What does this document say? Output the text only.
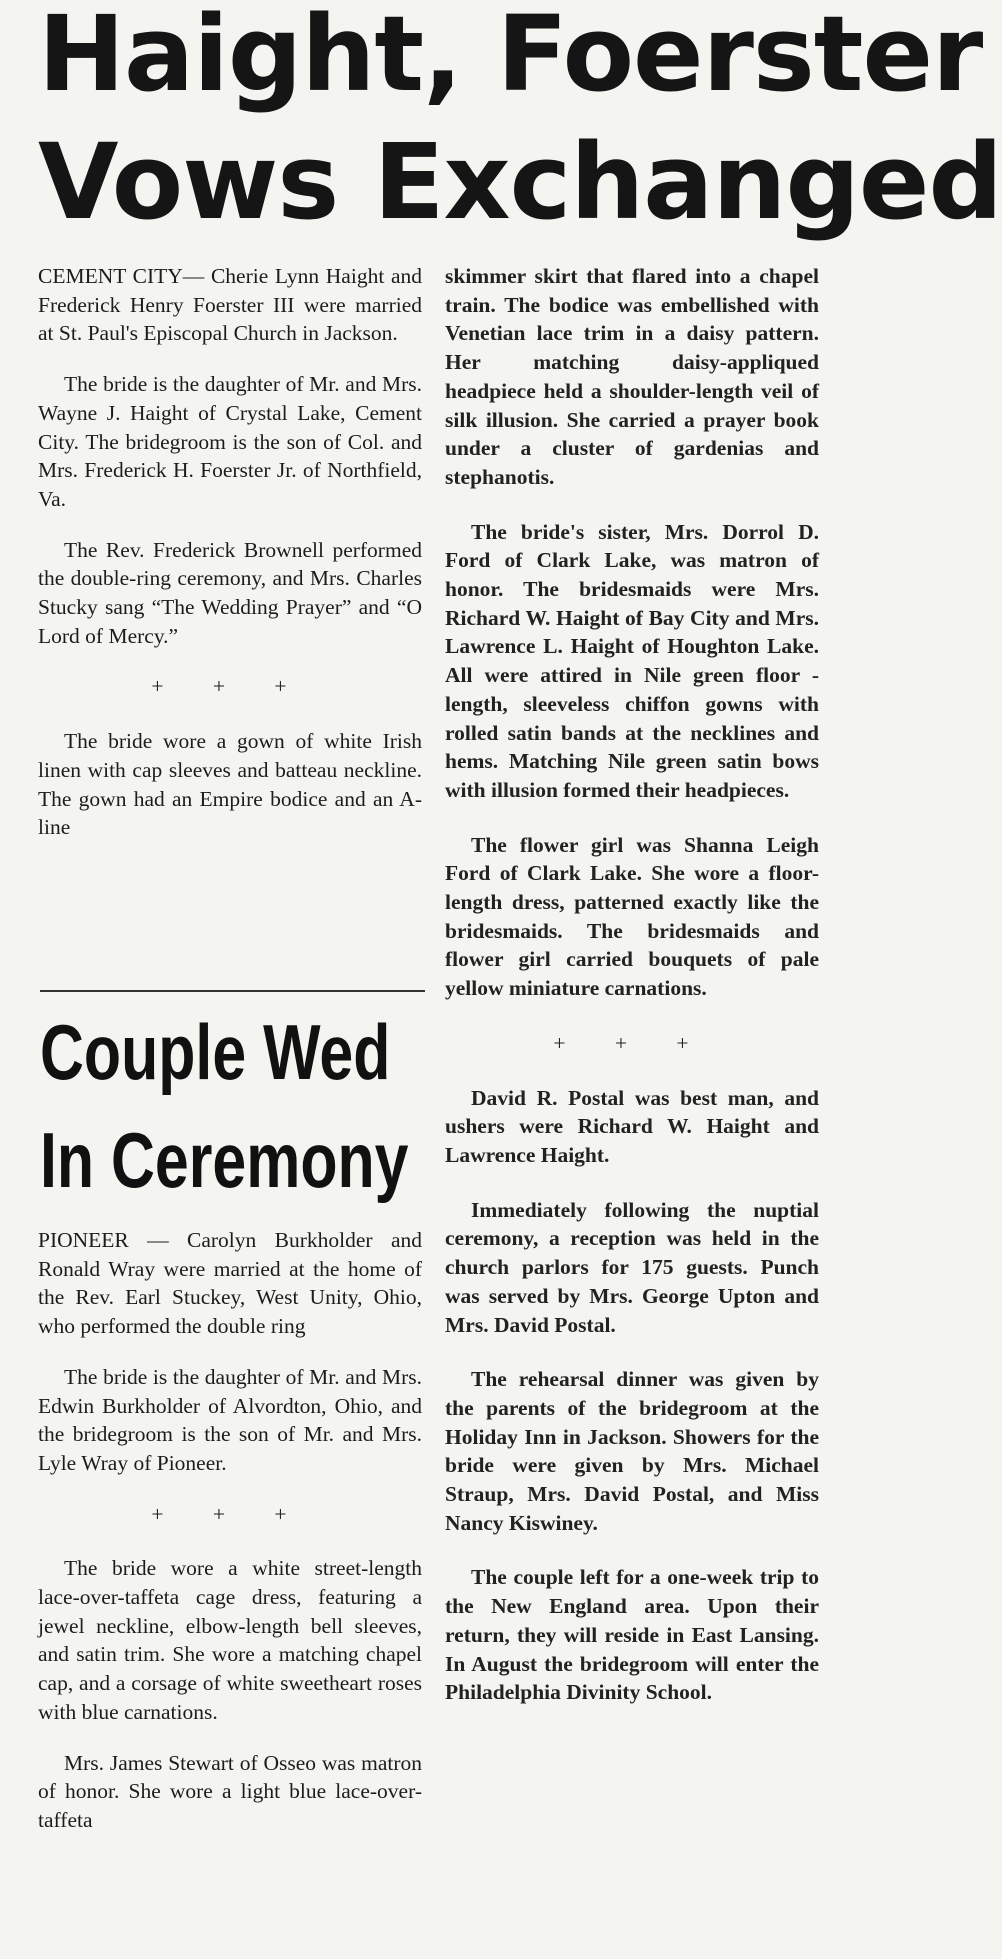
Haight, Foerster
Vows Exchanged

CEMENT CITY— Cherie Lynn Haight and Frederick Henry Foerster III were married at St. Paul's Episcopal Church in Jackson.

The bride is the daughter of Mr. and Mrs. Wayne J. Haight of Crystal Lake, Cement City. The bridegroom is the son of Col. and Mrs. Frederick H. Foerster Jr. of Northfield, Va.

The Rev. Frederick Brownell performed the double-ring ceremony, and Mrs. Charles Stucky sang “The Wedding Prayer” and “O Lord of Mercy.”

+ + +

The bride wore a gown of white Irish linen with cap sleeves and batteau neckline. The gown had an Empire bodice and an A-line

Couple Wed
In Ceremony

PIONEER — Carolyn Burkholder and Ronald Wray were married at the home of the Rev. Earl Stuckey, West Unity, Ohio, who performed the double ring

The bride is the daughter of Mr. and Mrs. Edwin Burkholder of Alvordton, Ohio, and the bridegroom is the son of Mr. and Mrs. Lyle Wray of Pioneer.

+ + +

The bride wore a white street-length lace-over-taffeta cage dress, featuring a jewel neckline, elbow-length bell sleeves, and satin trim. She wore a matching chapel cap, and a corsage of white sweetheart roses with blue carnations.

Mrs. James Stewart of Osseo was matron of honor. She wore a light blue lace-over-taffeta

skimmer skirt that flared into a chapel train. The bodice was embellished with Venetian lace trim in a daisy pattern. Her matching daisy-appliqued headpiece held a shoulder-length veil of silk illusion. She carried a prayer book under a cluster of gardenias and stephanotis.

The bride's sister, Mrs. Dorrol D. Ford of Clark Lake, was matron of honor. The bridesmaids were Mrs. Richard W. Haight of Bay City and Mrs. Lawrence L. Haight of Houghton Lake. All were attired in Nile green floor - length, sleeveless chiffon gowns with rolled satin bands at the necklines and hems. Matching Nile green satin bows with illusion formed their headpieces.

The flower girl was Shanna Leigh Ford of Clark Lake. She wore a floor-length dress, patterned exactly like the bridesmaids. The bridesmaids and flower girl carried bouquets of pale yellow miniature carnations.

+ + +

David R. Postal was best man, and ushers were Richard W. Haight and Lawrence Haight.

Immediately following the nuptial ceremony, a reception was held in the church parlors for 175 guests. Punch was served by Mrs. George Upton and Mrs. David Postal.

The rehearsal dinner was given by the parents of the bridegroom at the Holiday Inn in Jackson. Showers for the bride were given by Mrs. Michael Straup, Mrs. David Postal, and Miss Nancy Kiswiney.

The couple left for a one-week trip to the New England area. Upon their return, they will reside in East Lansing. In August the bridegroom will enter the Philadelphia Divinity School.
